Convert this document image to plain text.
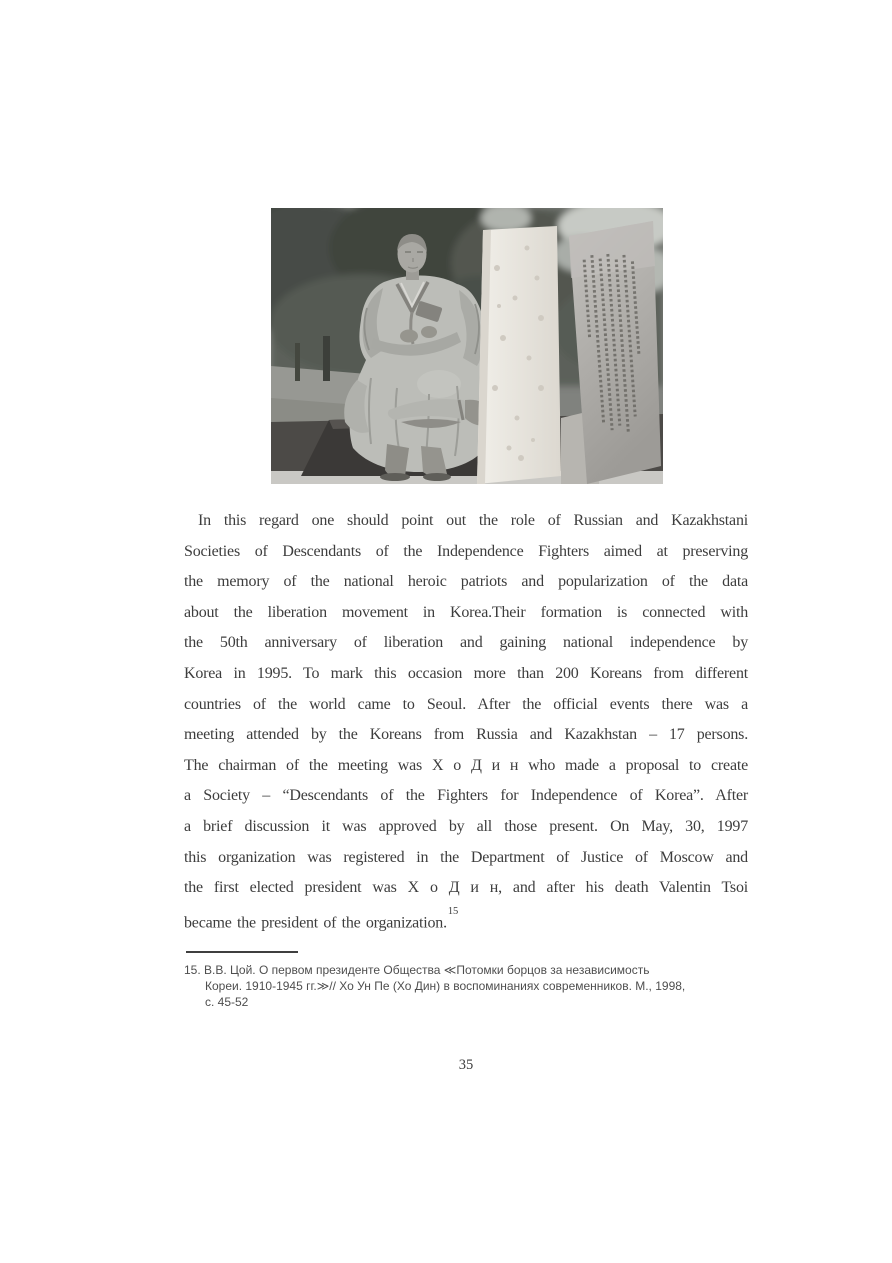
In this regard one should point out the role of Russian and Kazakhstani
Societies of Descendants of the Independence Fighters aimed at preserving
the memory of the national heroic patriots and popularization of the data
about the liberation movement in Korea.Their formation is connected with
the 50th anniversary of liberation and gaining national independence by
Korea in 1995. To mark this occasion more than 200 Koreans from different
countries of the world came to Seoul. After the official events there was a
meeting attended by the Koreans from Russia and Kazakhstan – 17 persons.
The chairman of the meeting was Х о Д и н who made a proposal to create
a Society – “Descendants of the Fighters for Independence of Korea”. After
a brief discussion it was approved by all those present. On May, 30, 1997
this organization was registered in the Department of Justice of Moscow and
the first elected president was Х о Д и н, and after his death Valentin Tsoi
became the president of the organization.$^{15}$
15. В.В. Цой. О первом президенте Общества ≪Потомки борцов за независимость
Кореи. 1910-1945 гг.≫// Хо Ун Пе (Хо Дин) в воспоминаниях современников. М., 1998,
с. 45-52
35
